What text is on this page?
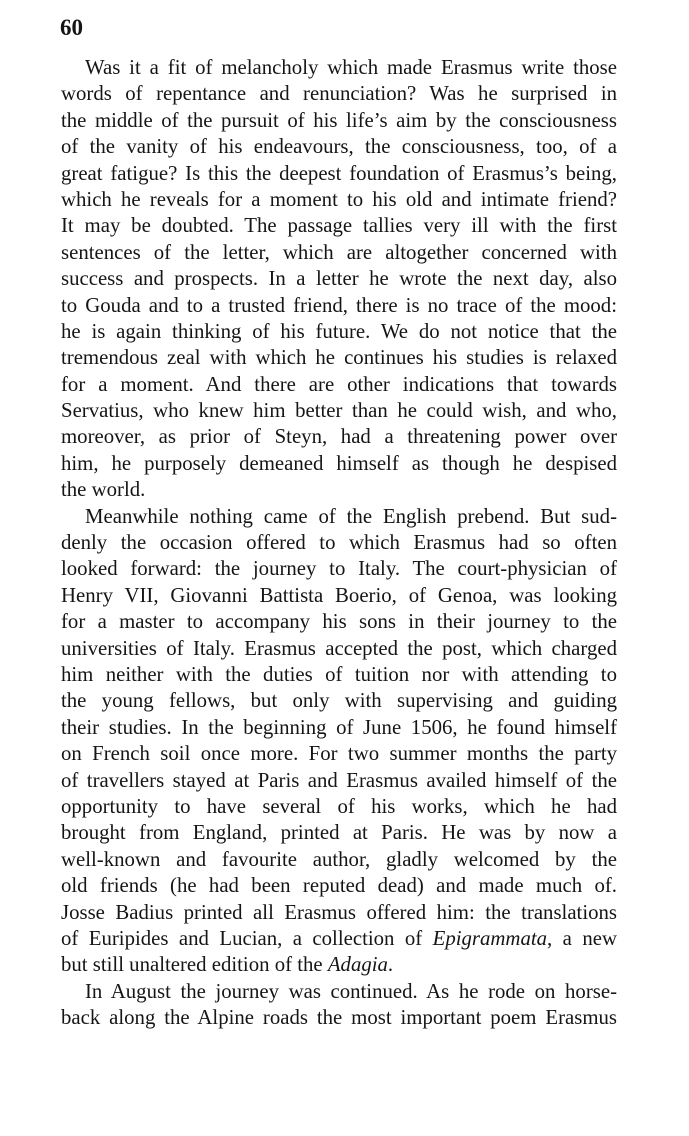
60
Was it a fit of melancholy which made Erasmus write those
words of repentance and renunciation? Was he surprised in
the middle of the pursuit of his life’s aim by the consciousness
of the vanity of his endeavours, the consciousness, too, of a
great fatigue? Is this the deepest foundation of Erasmus’s being,
which he reveals for a moment to his old and intimate friend?
It may be doubted. The passage tallies very ill with the first
sentences of the letter, which are altogether concerned with
success and prospects. In a letter he wrote the next day, also
to Gouda and to a trusted friend, there is no trace of the mood:
he is again thinking of his future. We do not notice that the
tremendous zeal with which he continues his studies is relaxed
for a moment. And there are other indications that towards
Servatius, who knew him better than he could wish, and who,
moreover, as prior of Steyn, had a threatening power over
him, he purposely demeaned himself as though he despised
the world.
Meanwhile nothing came of the English prebend. But sud-
denly the occasion offered to which Erasmus had so often
looked forward: the journey to Italy. The court-physician of
Henry VII, Giovanni Battista Boerio, of Genoa, was looking
for a master to accompany his sons in their journey to the
universities of Italy. Erasmus accepted the post, which charged
him neither with the duties of tuition nor with attending to
the young fellows, but only with supervising and guiding
their studies. In the beginning of June 1506, he found himself
on French soil once more. For two summer months the party
of travellers stayed at Paris and Erasmus availed himself of the
opportunity to have several of his works, which he had
brought from England, printed at Paris. He was by now a
well-known and favourite author, gladly welcomed by the
old friends (he had been reputed dead) and made much of.
Josse Badius printed all Erasmus offered him: the translations
of Euripides and Lucian, a collection of Epigrammata, a new
but still unaltered edition of the Adagia.
In August the journey was continued. As he rode on horse-
back along the Alpine roads the most important poem Erasmus
